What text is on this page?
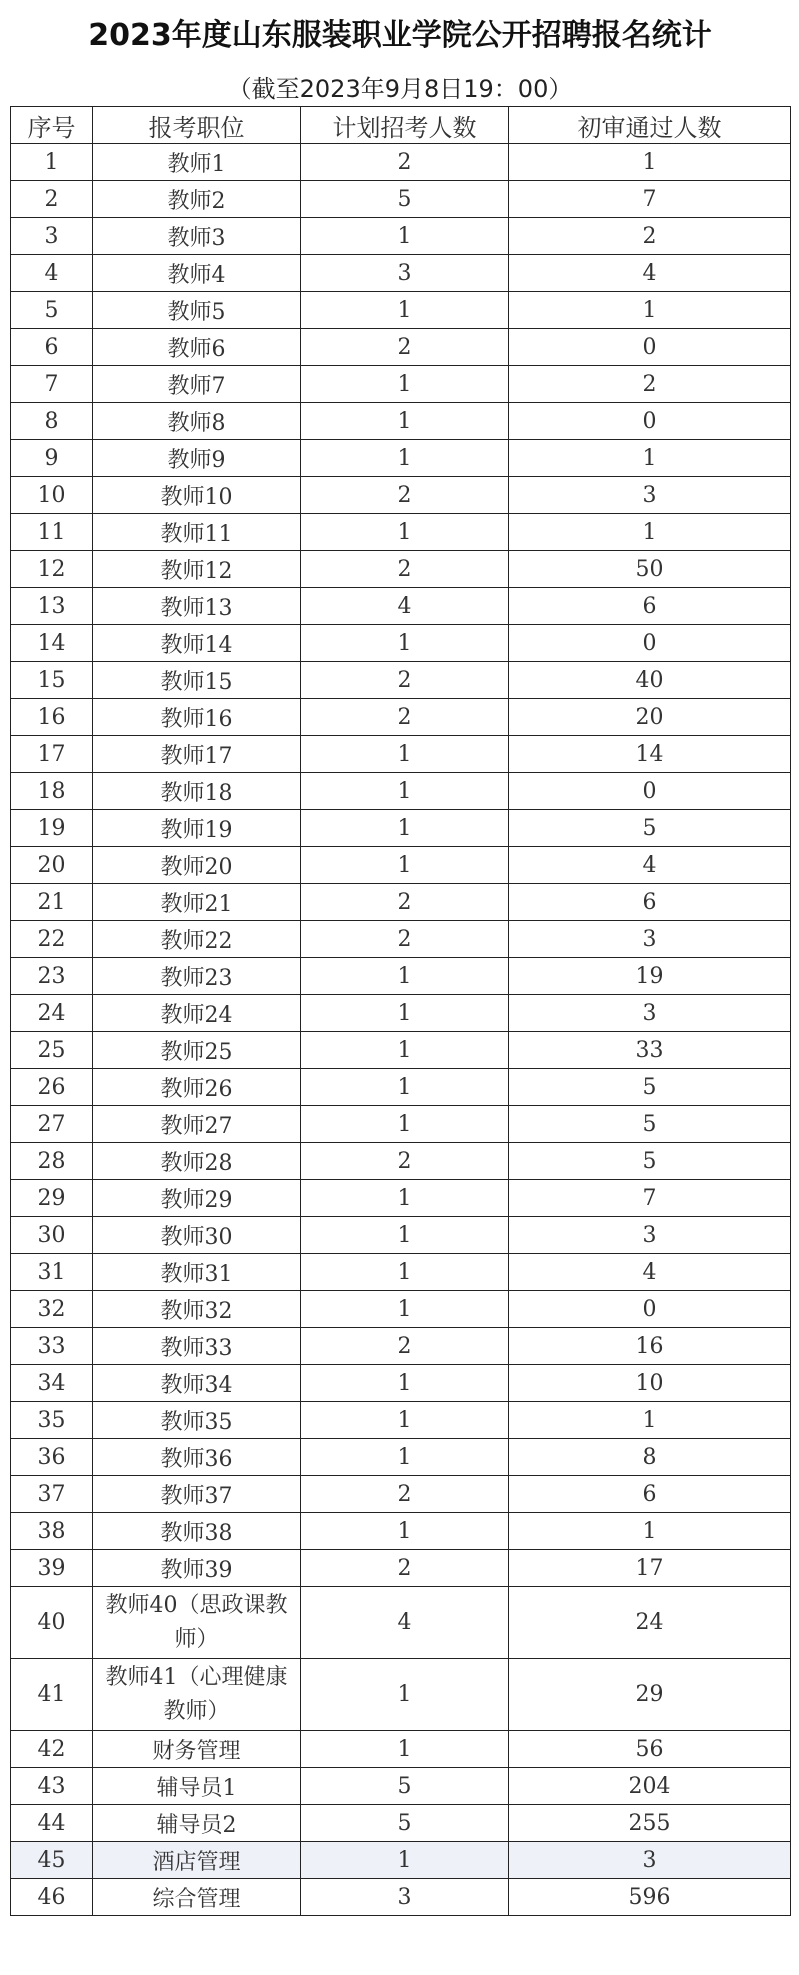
2023年度山东服装职业学院公开招聘报名统计
（截至2023年9月8日19：00）
序号	报考职位	计划招考人数	初审通过人数
1	教师1	2	1
2	教师2	5	7
3	教师3	1	2
4	教师4	3	4
5	教师5	1	1
6	教师6	2	0
7	教师7	1	2
8	教师8	1	0
9	教师9	1	1
10	教师10	2	3
11	教师11	1	1
12	教师12	2	50
13	教师13	4	6
14	教师14	1	0
15	教师15	2	40
16	教师16	2	20
17	教师17	1	14
18	教师18	1	0
19	教师19	1	5
20	教师20	1	4
21	教师21	2	6
22	教师22	2	3
23	教师23	1	19
24	教师24	1	3
25	教师25	1	33
26	教师26	1	5
27	教师27	1	5
28	教师28	2	5
29	教师29	1	7
30	教师30	1	3
31	教师31	1	4
32	教师32	1	0
33	教师33	2	16
34	教师34	1	10
35	教师35	1	1
36	教师36	1	8
37	教师37	2	6
38	教师38	1	1
39	教师39	2	17
40	教师40（思政课教师）	4	24
41	教师41（心理健康教师）	1	29
42	财务管理	1	56
43	辅导员1	5	204
44	辅导员2	5	255
45	酒店管理	1	3
46	综合管理	3	596
